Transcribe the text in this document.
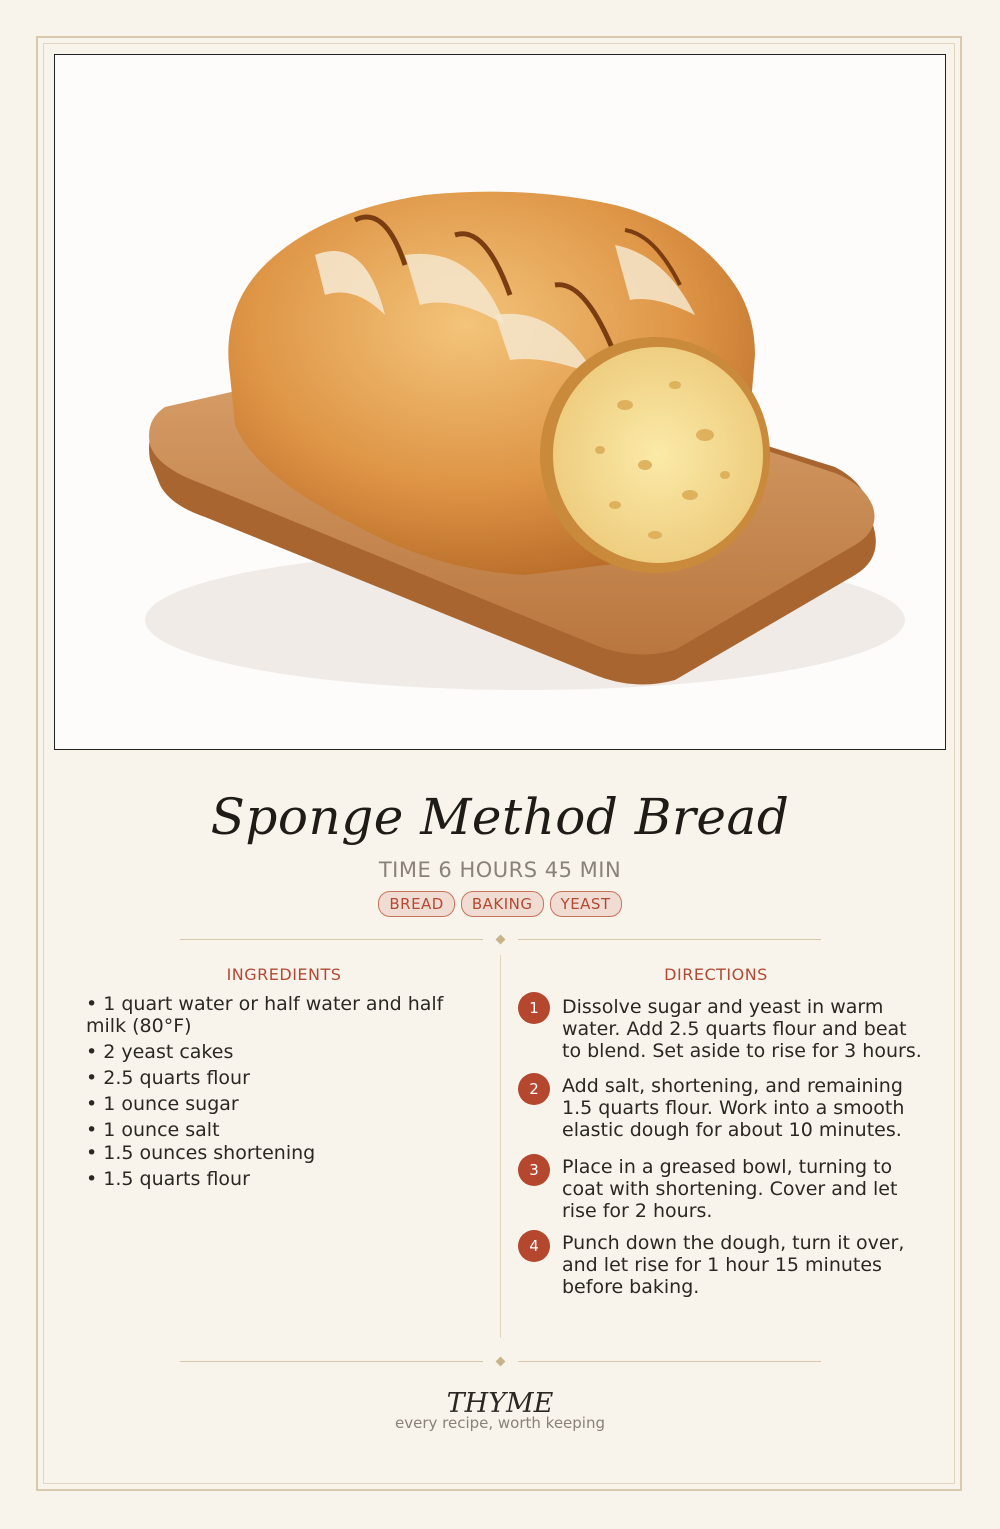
Sponge Method Bread
TIME 6 HOURS 45 MIN
BREAD BAKING YEAST
INGREDIENTS
• 1 quart water or half water and half milk (80°F)
• 2 yeast cakes
• 2.5 quarts flour
• 1 ounce sugar
• 1 ounce salt
• 1.5 ounces shortening
• 1.5 quarts flour
DIRECTIONS
1	Dissolve sugar and yeast in warm water. Add 2.5 quarts flour and beat to blend. Set aside to rise for 3 hours.
2	Add salt, shortening, and remaining 1.5 quarts flour. Work into a smooth elastic dough for about 10 minutes.
3	Place in a greased bowl, turning to coat with shortening. Cover and let rise for 2 hours.
4	Punch down the dough, turn it over, and let rise for 1 hour 15 minutes before baking.
THYME
every recipe, worth keeping
